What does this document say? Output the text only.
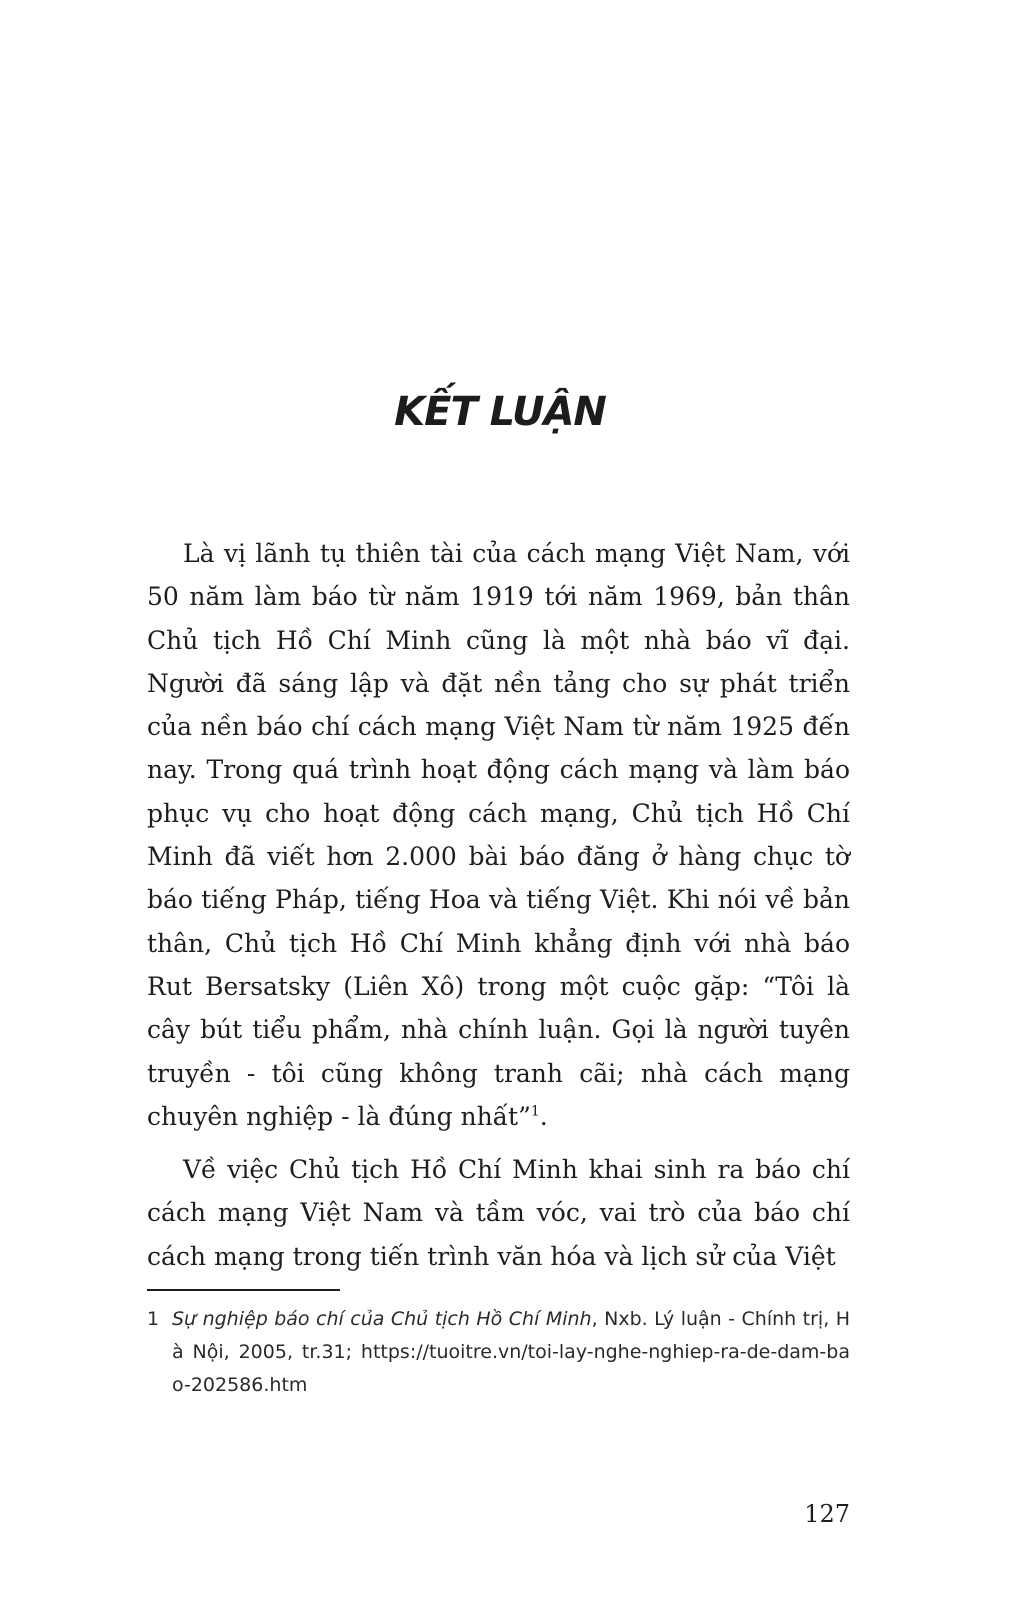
KẾT LUẬN

Là vị lãnh tụ thiên tài của cách mạng Việt Nam, với 50 năm làm báo từ năm 1919 tới năm 1969, bản thân Chủ tịch Hồ Chí Minh cũng là một nhà báo vĩ đại. Người đã sáng lập và đặt nền tảng cho sự phát triển của nền báo chí cách mạng Việt Nam từ năm 1925 đến nay. Trong quá trình hoạt động cách mạng và làm báo phục vụ cho hoạt động cách mạng, Chủ tịch Hồ Chí Minh đã viết hơn 2.000 bài báo đăng ở hàng chục tờ báo tiếng Pháp, tiếng Hoa và tiếng Việt. Khi nói về bản thân, Chủ tịch Hồ Chí Minh khẳng định với nhà báo Rut Bersatsky (Liên Xô) trong một cuộc gặp: “Tôi là cây bút tiểu phẩm, nhà chính luận. Gọi là người tuyên truyền - tôi cũng không tranh cãi; nhà cách mạng chuyên nghiệp - là đúng nhất”$^1$.

Về việc Chủ tịch Hồ Chí Minh khai sinh ra báo chí cách mạng Việt Nam và tầm vóc, vai trò của báo chí cách mạng trong tiến trình văn hóa và lịch sử của Việt

1 Sự nghiệp báo chí của Chủ tịch Hồ Chí Minh, Nxb. Lý luận - Chính trị, Hà Nội, 2005, tr.31; https://tuoitre.vn/toi-lay-nghe-nghiep-ra-de-dam-bao-202586.htm
127
